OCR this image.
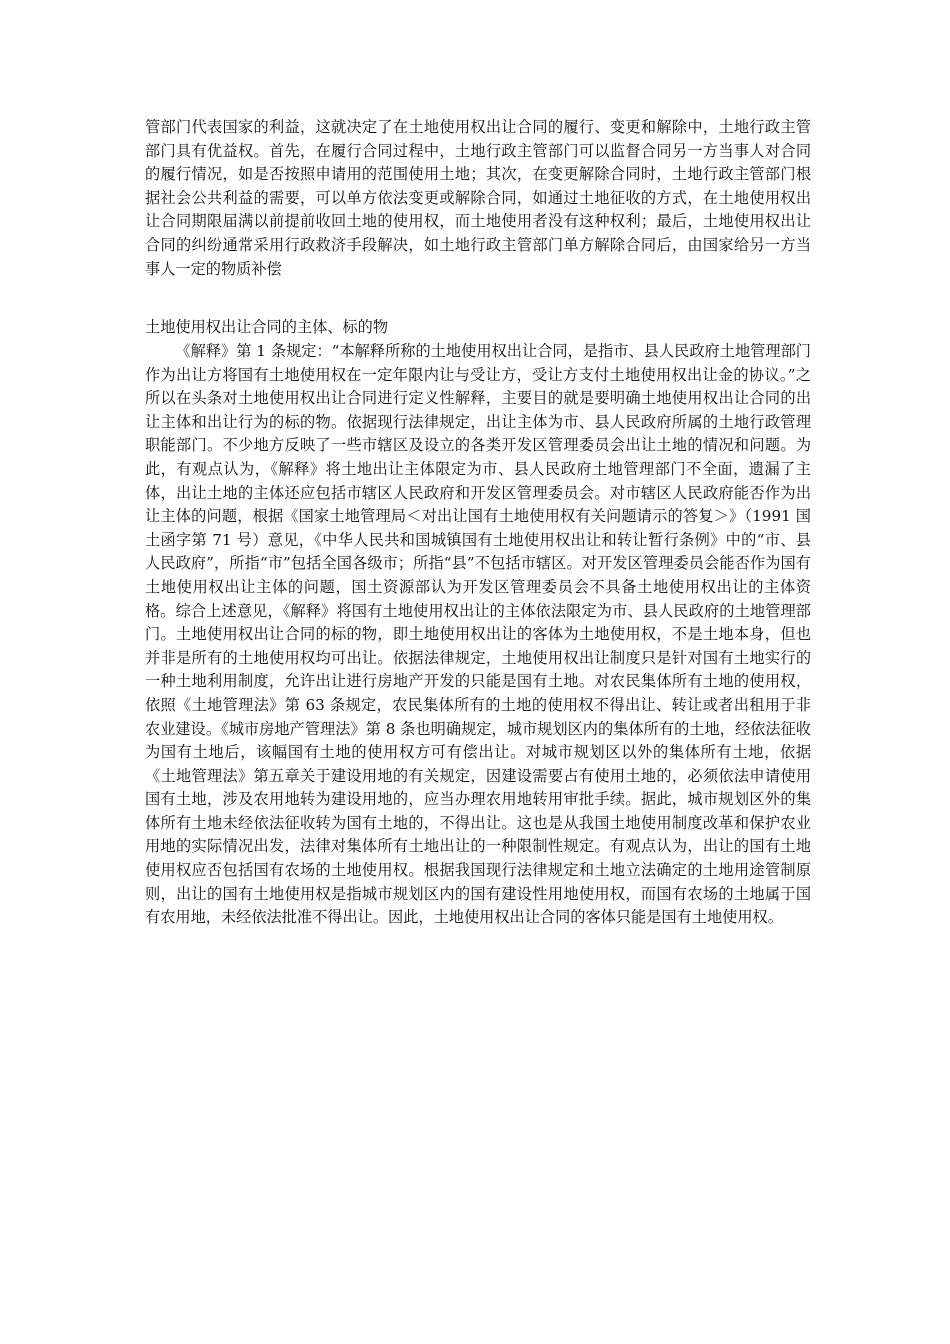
管部门代表国家的利益，这就决定了在土地使用权出让合同的履行、变更和解除中，土地行政主管部门具有优益权。首先，在履行合同过程中，土地行政主管部门可以监督合同另一方当事人对合同的履行情况，如是否按照申请用的范围使用土地；其次，在变更解除合同时，土地行政主管部门根据社会公共利益的需要，可以单方依法变更或解除合同，如通过土地征收的方式，在土地使用权出让合同期限届满以前提前收回土地的使用权，而土地使用者没有这种权利；最后，土地使用权出让合同的纠纷通常采用行政救济手段解决，如土地行政主管部门单方解除合同后，由国家给另一方当事人一定的物质补偿

土地使用权出让合同的主体、标的物

《解释》第 1 条规定：“本解释所称的土地使用权出让合同，是指市、县人民政府土地管理部门作为出让方将国有土地使用权在一定年限内让与受让方，受让方支付土地使用权出让金的协议。”之所以在头条对土地使用权出让合同进行定义性解释，主要目的就是要明确土地使用权出让合同的出让主体和出让行为的标的物。依据现行法律规定，出让主体为市、县人民政府所属的土地行政管理职能部门。不少地方反映了一些市辖区及设立的各类开发区管理委员会出让土地的情况和问题。为此，有观点认为，《解释》将土地出让主体限定为市、县人民政府土地管理部门不全面，遗漏了主体，出让土地的主体还应包括市辖区人民政府和开发区管理委员会。对市辖区人民政府能否作为出让主体的问题，根据《国家土地管理局＜对出让国有土地使用权有关问题请示的答复＞》（1991 国土函字第 71 号）意见，《中华人民共和国城镇国有土地使用权出让和转让暂行条例》中的“市、县人民政府”，所指“市”包括全国各级市；所指“县”不包括市辖区。对开发区管理委员会能否作为国有土地使用权出让主体的问题，国土资源部认为开发区管理委员会不具备土地使用权出让的主体资格。综合上述意见，《解释》将国有土地使用权出让的主体依法限定为市、县人民政府的土地管理部门。土地使用权出让合同的标的物，即土地使用权出让的客体为土地使用权，不是土地本身，但也并非是所有的土地使用权均可出让。依据法律规定，土地使用权出让制度只是针对国有土地实行的一种土地利用制度，允许出让进行房地产开发的只能是国有土地。对农民集体所有土地的使用权，依照《土地管理法》第 63 条规定，农民集体所有的土地的使用权不得出让、转让或者出租用于非农业建设。《城市房地产管理法》第 8 条也明确规定，城市规划区内的集体所有的土地，经依法征收为国有土地后，该幅国有土地的使用权方可有偿出让。对城市规划区以外的集体所有土地，依据《土地管理法》第五章关于建设用地的有关规定，因建设需要占有使用土地的，必须依法申请使用国有土地，涉及农用地转为建设用地的，应当办理农用地转用审批手续。据此，城市规划区外的集体所有土地未经依法征收转为国有土地的，不得出让。这也是从我国土地使用制度改革和保护农业用地的实际情况出发，法律对集体所有土地出让的一种限制性规定。有观点认为，出让的国有土地使用权应否包括国有农场的土地使用权。根据我国现行法律规定和土地立法确定的土地用途管制原则，出让的国有土地使用权是指城市规划区内的国有建设性用地使用权，而国有农场的土地属于国有农用地，未经依法批准不得出让。因此，土地使用权出让合同的客体只能是国有土地使用权。
